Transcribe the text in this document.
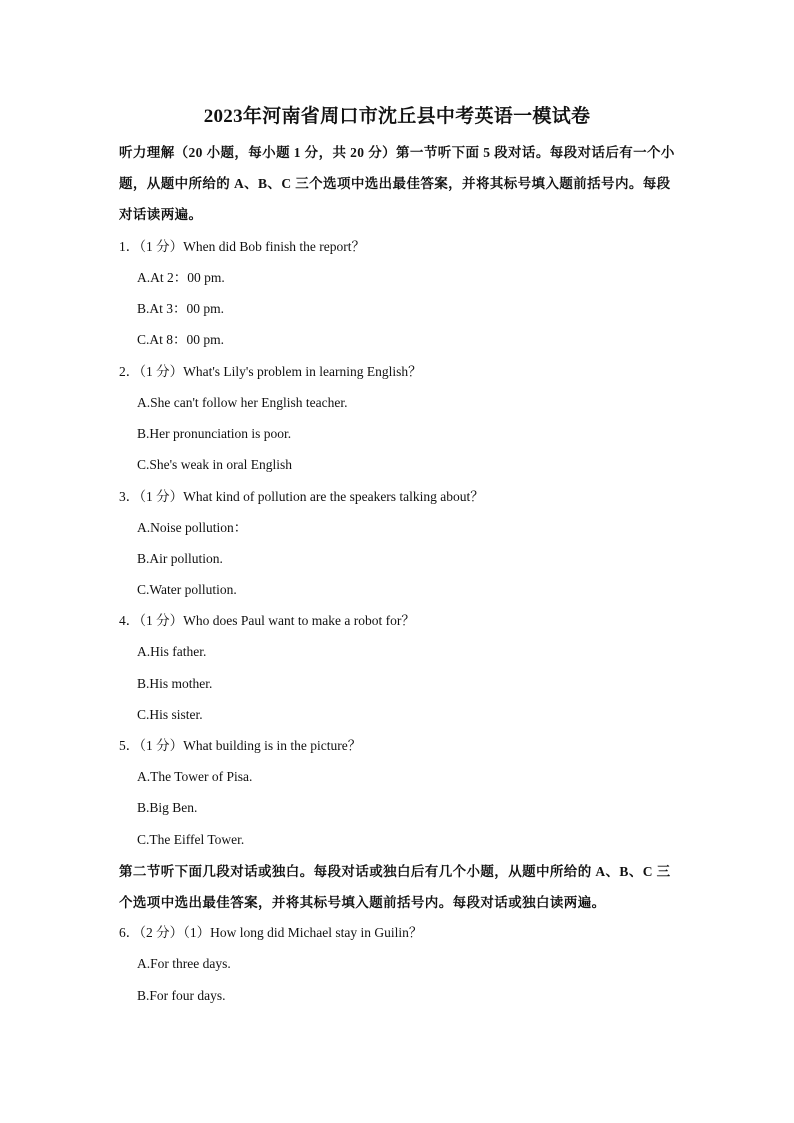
2023年河南省周口市沈丘县中考英语一模试卷
听力理解（20 小题，每小题 1 分，共 20 分）第一节听下面 5 段对话。每段对话后有一个小
题，从题中所给的 A、B、C 三个选项中选出最佳答案，并将其标号填入题前括号内。每段
对话读两遍。
1．（1 分）When did Bob finish the report？
A.At 2：00 pm.
B.At 3：00 pm.
C.At 8：00 pm.
2．（1 分）What's Lily's problem in learning English？
A.She can't follow her English teacher.
B.Her pronunciation is poor.
C.She's weak in oral English
3．（1 分）What kind of pollution are the speakers talking about？
A.Noise pollution：
B.Air pollution.
C.Water pollution.
4．（1 分）Who does Paul want to make a robot for？
A.His father.
B.His mother.
C.His sister.
5．（1 分）What building is in the picture？
A.The Tower of Pisa.
B.Big Ben.
C.The Eiffel Tower.
第二节听下面几段对话或独白。每段对话或独白后有几个小题，从题中所给的 A、B、C 三
个选项中选出最佳答案，并将其标号填入题前括号内。每段对话或独白读两遍。
6．（2 分）（1）How long did Michael stay in Guilin？
A.For three days.
B.For four days.
